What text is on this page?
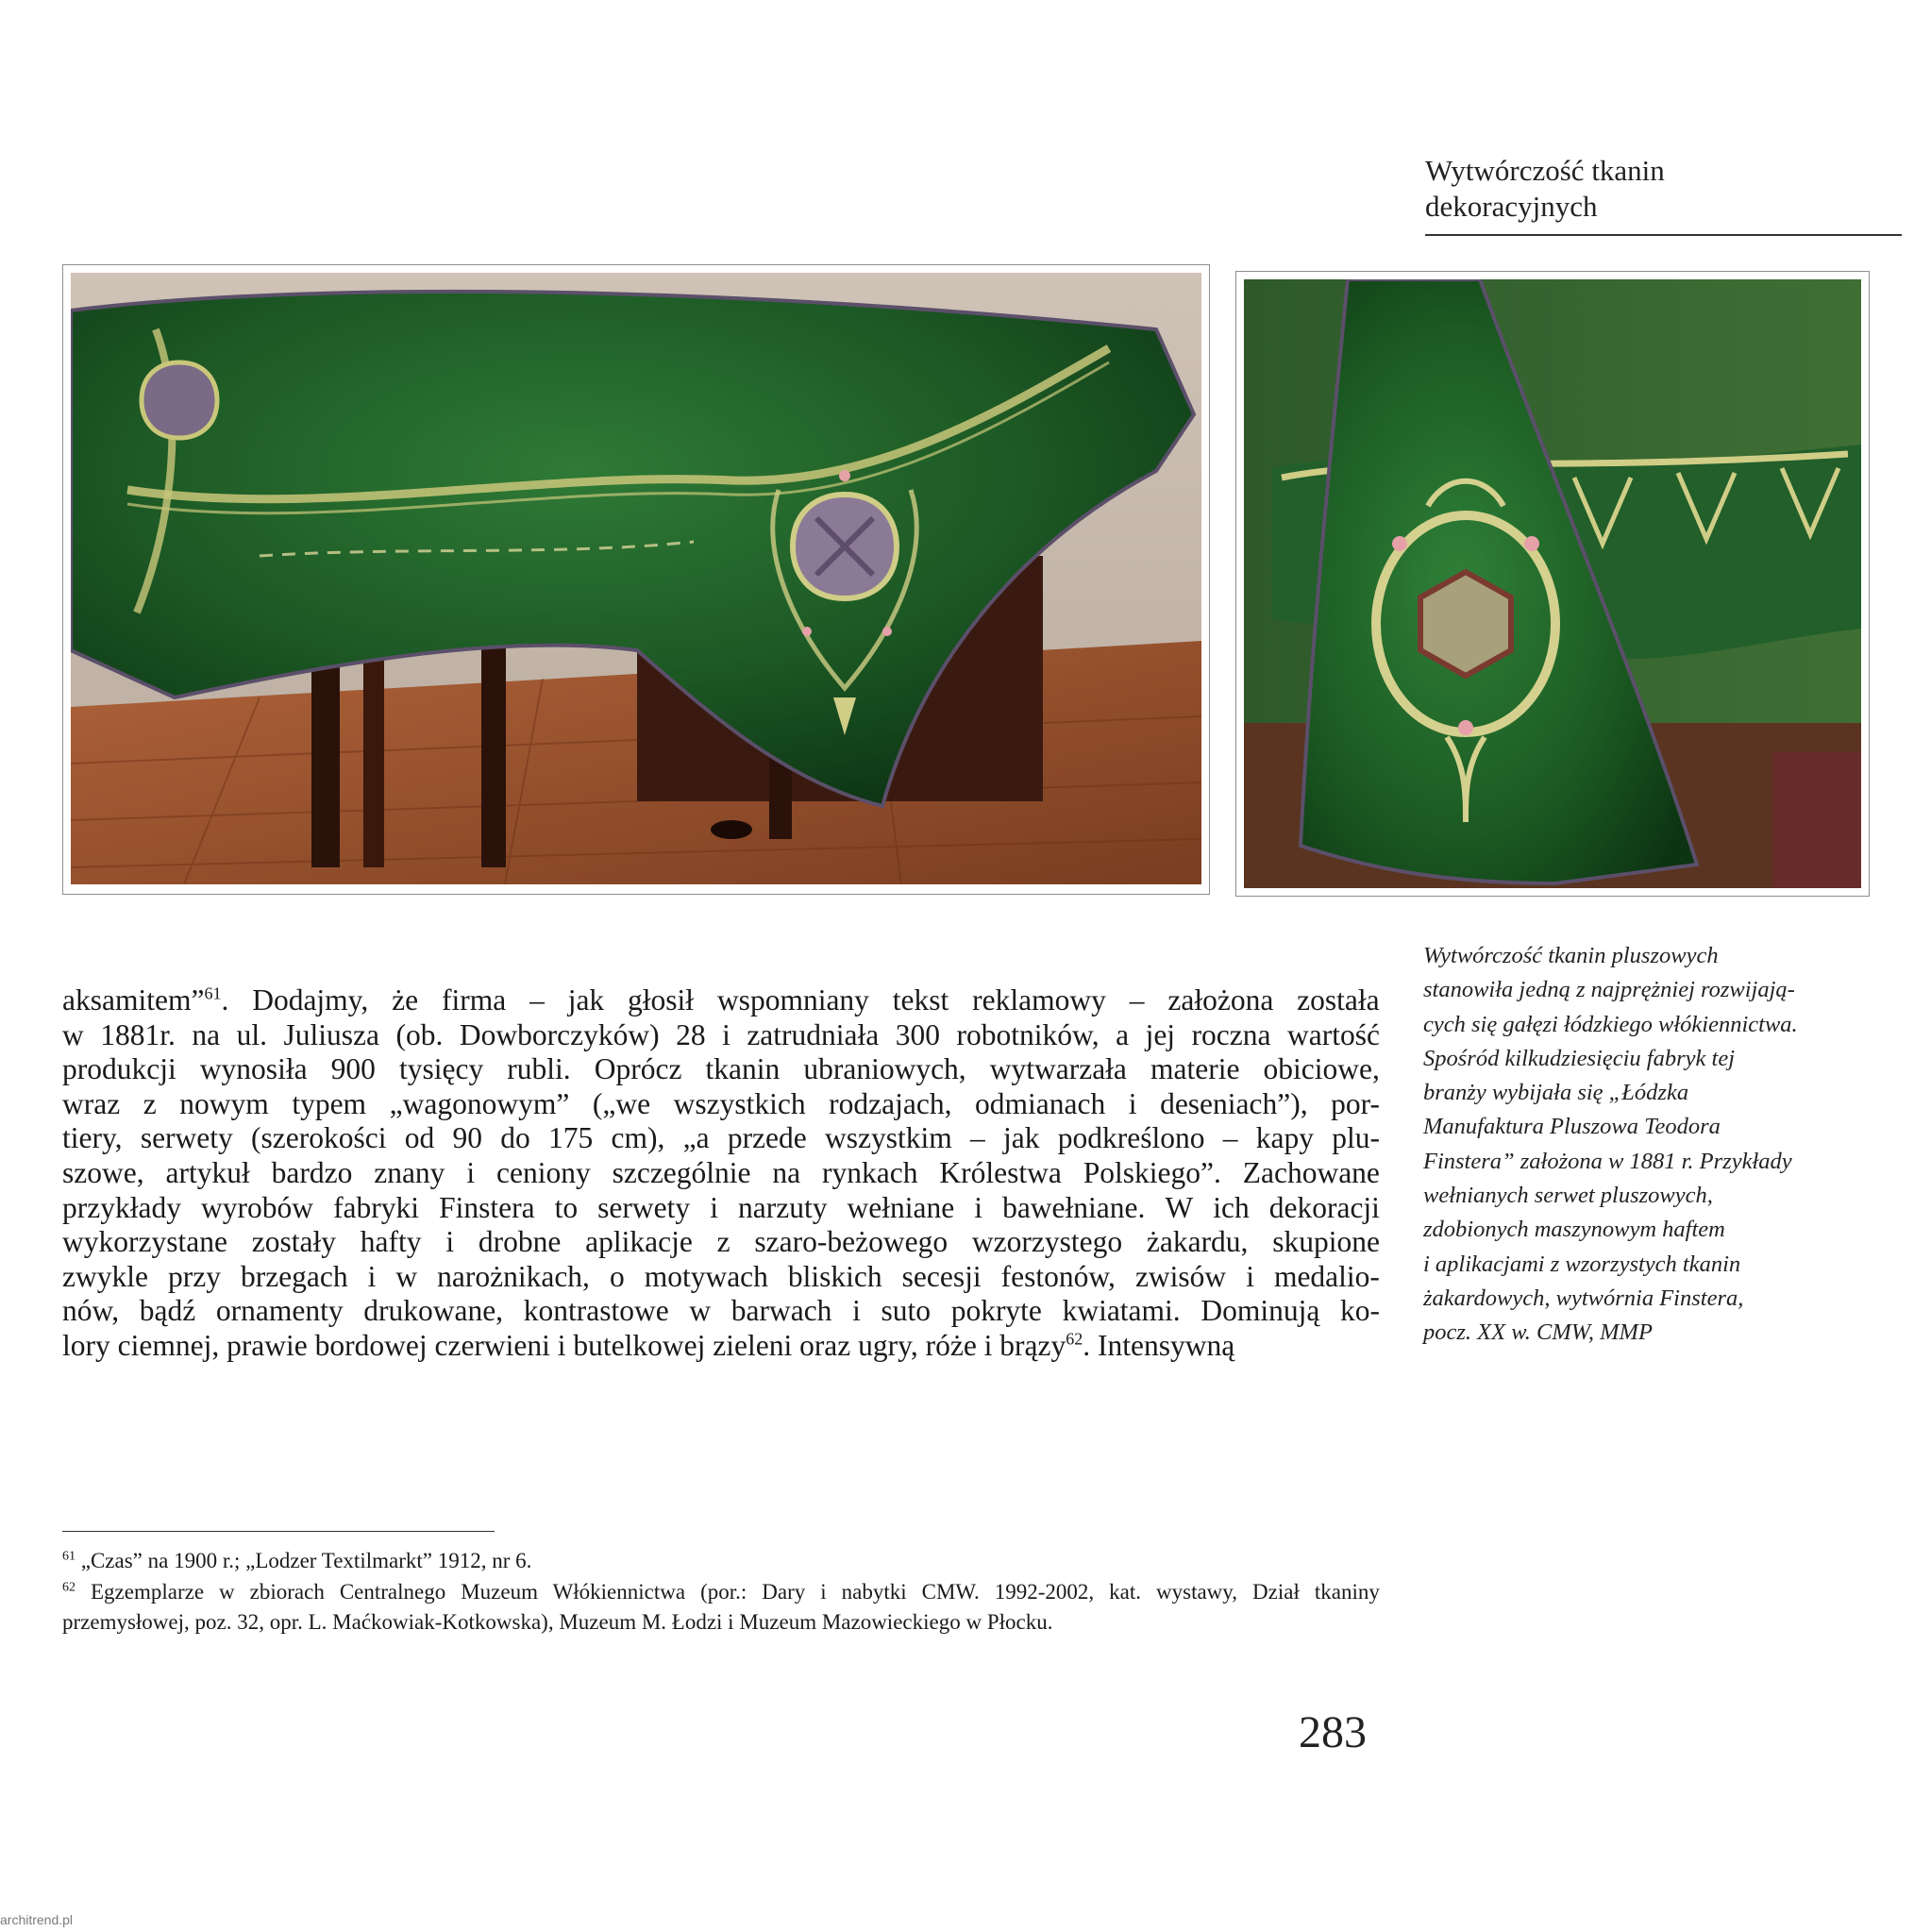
Wytwórczość tkanin
dekoracyjnych
Wytwórczość tkanin pluszowych
stanowiła jedną z najprężniej rozwijają-
cych się gałęzi łódzkiego włókiennictwa.
Spośród kilkudziesięciu fabryk tej
branży wybijała się „Łódzka
Manufaktura Pluszowa Teodora
Finstera” założona w 1881 r. Przykłady
wełnianych serwet pluszowych,
zdobionych maszynowym haftem
i aplikacjami z wzorzystych tkanin
żakardowych, wytwórnia Finstera,
pocz. XX w. CMW, MMP
aksamitem”$^{61}$. Dodajmy, że firma – jak głosił wspomniany tekst reklamowy – założona została
w 1881r. na ul. Juliusza (ob. Dowborczyków) 28 i zatrudniała 300 robotników, a jej roczna wartość
produkcji wynosiła 900 tysięcy rubli. Oprócz tkanin ubraniowych, wytwarzała materie obiciowe,
wraz z nowym typem „wagonowym” („we wszystkich rodzajach, odmianach i deseniach”), por-
tiery, serwety (szerokości od 90 do 175 cm), „a przede wszystkim – jak podkreślono – kapy plu-
szowe, artykuł bardzo znany i ceniony szczególnie na rynkach Królestwa Polskiego”. Zachowane
przykłady wyrobów fabryki Finstera to serwety i narzuty wełniane i bawełniane. W ich dekoracji
wykorzystane zostały hafty i drobne aplikacje z szaro-beżowego wzorzystego żakardu, skupione
zwykle przy brzegach i w narożnikach, o motywach bliskich secesji festonów, zwisów i medalio-
nów, bądź ornamenty drukowane, kontrastowe w barwach i suto pokryte kwiatami. Dominują ko-
lory ciemnej, prawie bordowej czerwieni i butelkowej zieleni oraz ugry, róże i brązy$^{62}$. Intensywną
$^{61}$ „Czas” na 1900 r.; „Lodzer Textilmarkt” 1912, nr 6.
$^{62}$ Egzemplarze w zbiorach Centralnego Muzeum Włókiennictwa (por.: Dary i nabytki CMW. 1992-2002, kat. wystawy, Dział tkaniny
przemysłowej, poz. 32, opr. L. Maćkowiak-Kotkowska), Muzeum M. Łodzi i Muzeum Mazowieckiego w Płocku.
283
architrend.pl
